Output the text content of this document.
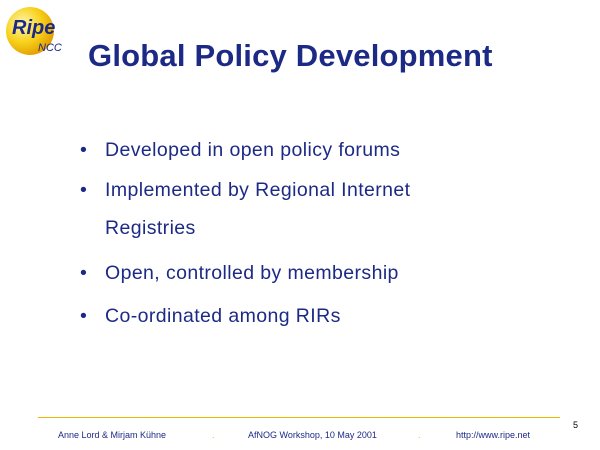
Ripe
NCC Global Policy Development
• Developed in open policy forums
• Implemented by Regional Internet
Registries
• Open, controlled by membership
• Co-ordinated among RIRs
5
Anne Lord & Mirjam Kühne	.	AfNOG Workshop, 10 May 2001	.	http://www.ripe.net
